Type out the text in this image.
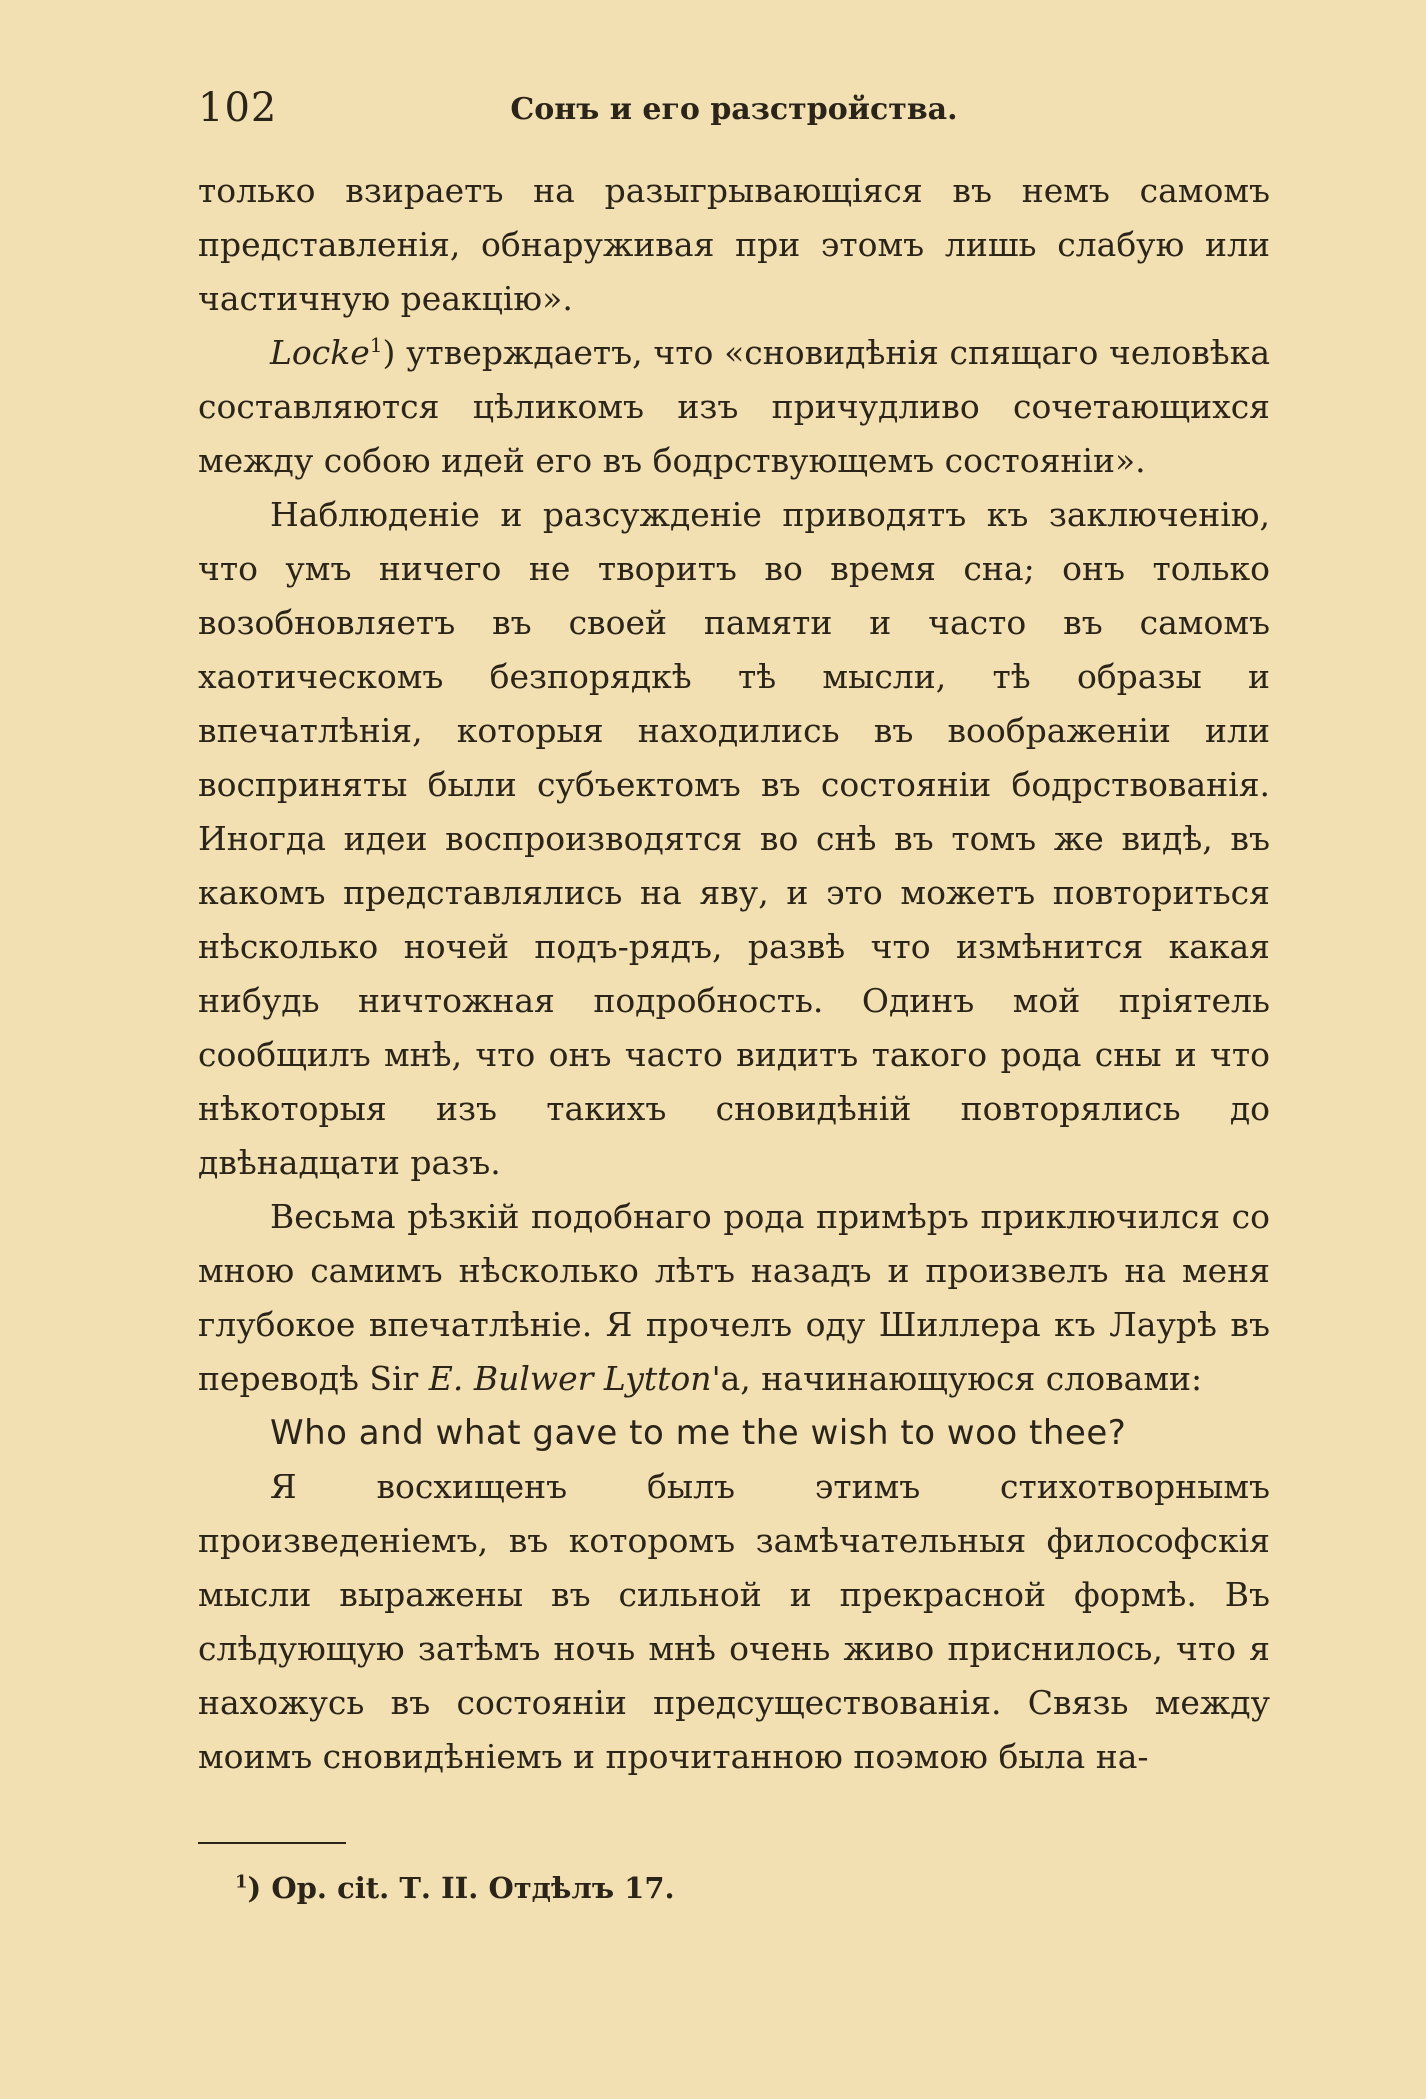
102	Сонъ и его разстройства.

только взираетъ на разыгрывающіяся въ немъ самомъ представленія, обнаруживая при этомъ лишь слабую или частичную реакцію».

Locke$^1$) утверждаетъ, что «сновидѣнія спящаго человѣка составляются цѣликомъ изъ причудливо сочетающихся между собою идей его въ бодрствующемъ состояніи».

Наблюденіе и разсужденіе приводятъ къ заключенію, что умъ ничего не творитъ во время сна; онъ только возобновляетъ въ своей памяти и часто въ самомъ хаотическомъ безпорядкѣ тѣ мысли, тѣ образы и впечатлѣнія, которыя находились въ воображеніи или восприняты были субъектомъ въ состояніи бодрствованія. Иногда идеи воспроизводятся во снѣ въ томъ же видѣ, въ какомъ представлялись на яву, и это можетъ повториться нѣсколько ночей подъ-рядъ, развѣ что измѣнится какая нибудь ничтожная подробность. Одинъ мой пріятель сообщилъ мнѣ, что онъ часто видитъ такого рода сны и что нѣкоторыя изъ такихъ сновидѣній повторялись до двѣнадцати разъ.

Весьма рѣзкій подобнаго рода примѣръ приключился со мною самимъ нѣсколько лѣтъ назадъ и произвелъ на меня глубокое впечатлѣніе. Я прочелъ оду Шиллера къ Лаурѣ въ переводѣ Sir E. Bulwer Lytton'а, начинающуюся словами:

Who and what gave to me the wish to woo thee?

Я восхищенъ былъ этимъ стихотворнымъ произведеніемъ, въ которомъ замѣчательныя философскія мысли выражены въ сильной и прекрасной формѣ. Въ слѣдующую затѣмъ ночь мнѣ очень живо приснилось, что я нахожусь въ состояніи предсуществованія. Связь между моимъ сновидѣніемъ и прочитанною поэмою была на-

$^1$) Op. cit. Т. II. Отдѣлъ 17.
